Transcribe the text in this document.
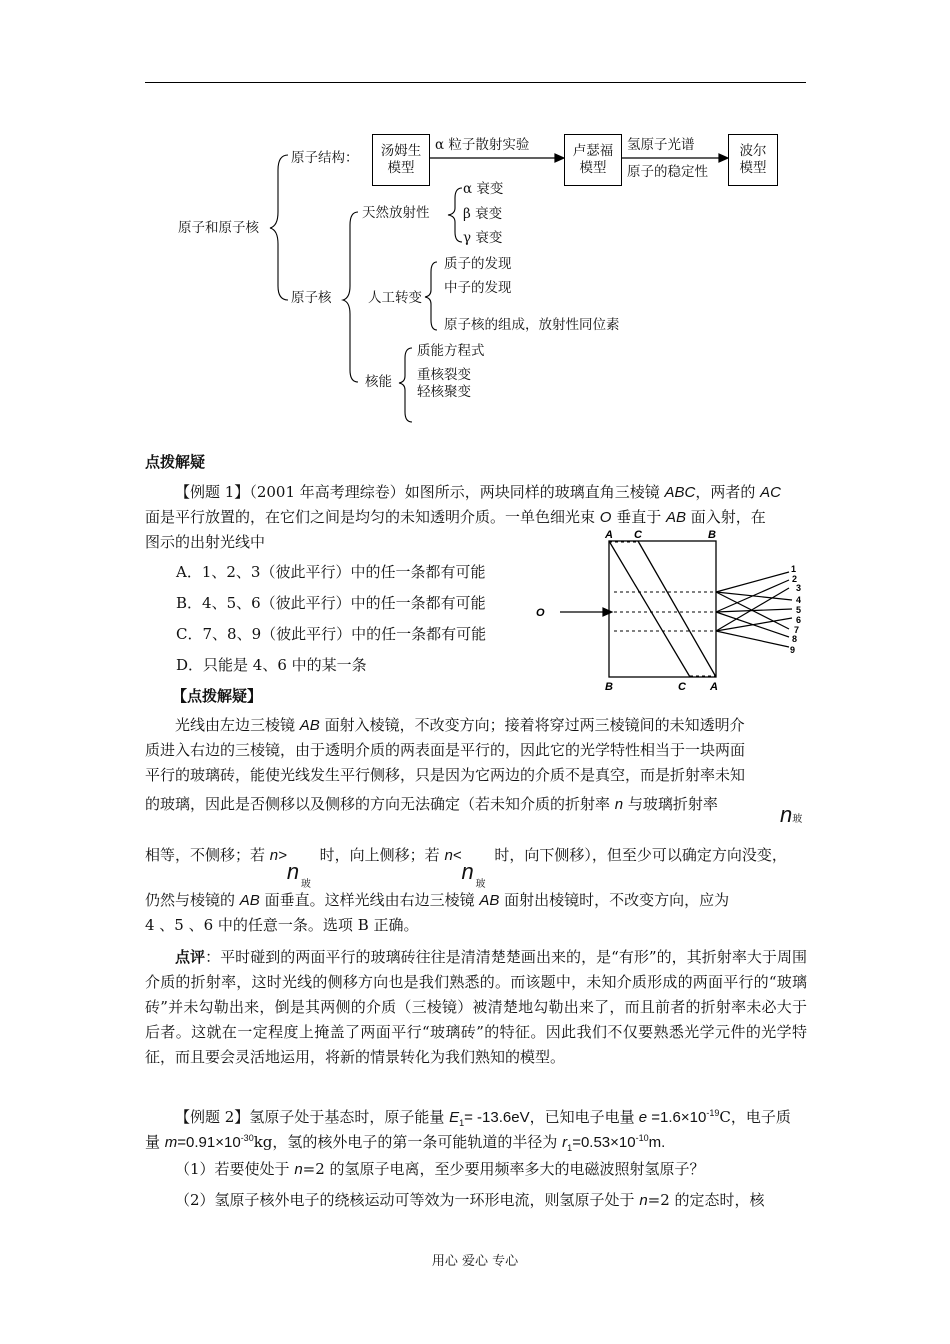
原子和原子核
原子结构：	汤姆生
模型
α 粒子散射实验	卢瑟福
模型
氢原子光谱
原子的稳定性
波尔
模型
原子核
天然放射性
α 衰变
β 衰变
γ 衰变
人工转变
质子的发现
中子的发现
原子核的组成，放射性同位素
核能
质能方程式
重核裂变
轻核聚变
点拨解疑
【例题 1】（2001 年高考理综卷）如图所示，两块同样的玻璃直角三棱镜 ABC，两者的 AC
面是平行放置的，在它们之间是均匀的未知透明介质。一单色细光束 O 垂直于 AB 面入射，在
图示的出射光线中
A．1、2、3（彼此平行）中的任一条都有可能
B．4、5、6（彼此平行）中的任一条都有可能
C．7、8、9（彼此平行）中的任一条都有可能
D．只能是 4、6 中的某一条
A C	B
B	C A
O
1
2
3
4
5
6
7
8
9
【点拨解疑】
光线由左边三棱镜 AB 面射入棱镜，不改变方向；接着将穿过两三棱镜间的未知透明介
质进入右边的三棱镜，由于透明介质的两表面是平行的，因此它的光学特性相当于一块两面
平行的玻璃砖，能使光线发生平行侧移，只是因为它两边的介质不是真空，而是折射率未知
的玻璃，因此是否侧移以及侧移的方向无法确定（若未知介质的折射率 n 与玻璃折射率	n玻
相等，不侧移；若 n>
n
玻
时，向上侧移；若 n<
n
玻
时，向下侧移），但至少可以确定方向没变，
仍然与棱镜的 AB 面垂直。这样光线由右边三棱镜 AB 面射出棱镜时，不改变方向，应为
4 、5 、6 中的任意一条。选项 B 正确。
点评：平时碰到的两面平行的玻璃砖往往是清清楚楚画出来的，是“有形”的，其折射率大于周围介质的折射率，这时光线的侧移方向也是我们熟悉的。而该题中，未知介质形成的两面平行的“玻璃砖”并未勾勒出来，倒是其两侧的介质（三棱镜）被清楚地勾勒出来了，而且前者的折射率未必大于后者。这就在一定程度上掩盖了两面平行“玻璃砖”的特征。因此我们不仅要熟悉光学元件的光学特征，而且要会灵活地运用，将新的情景转化为我们熟知的模型。
【例题 2】氢原子处于基态时，原子能量 $E_1= -13.6eV$，已知电子电量 $e =1.6\times 10^{-19}C$，电子质
量 $m=0.91\times 10^{-30}kg$，氢的核外电子的第一条可能轨道的半径为 $r_1=0.53\times 10^{-10}m$.
（1）若要使处于 n=2 的氢原子电离，至少要用频率多大的电磁波照射氢原子？
（2）氢原子核外电子的绕核运动可等效为一环形电流，则氢原子处于 n=2 的定态时，核
用心 爱心 专心
